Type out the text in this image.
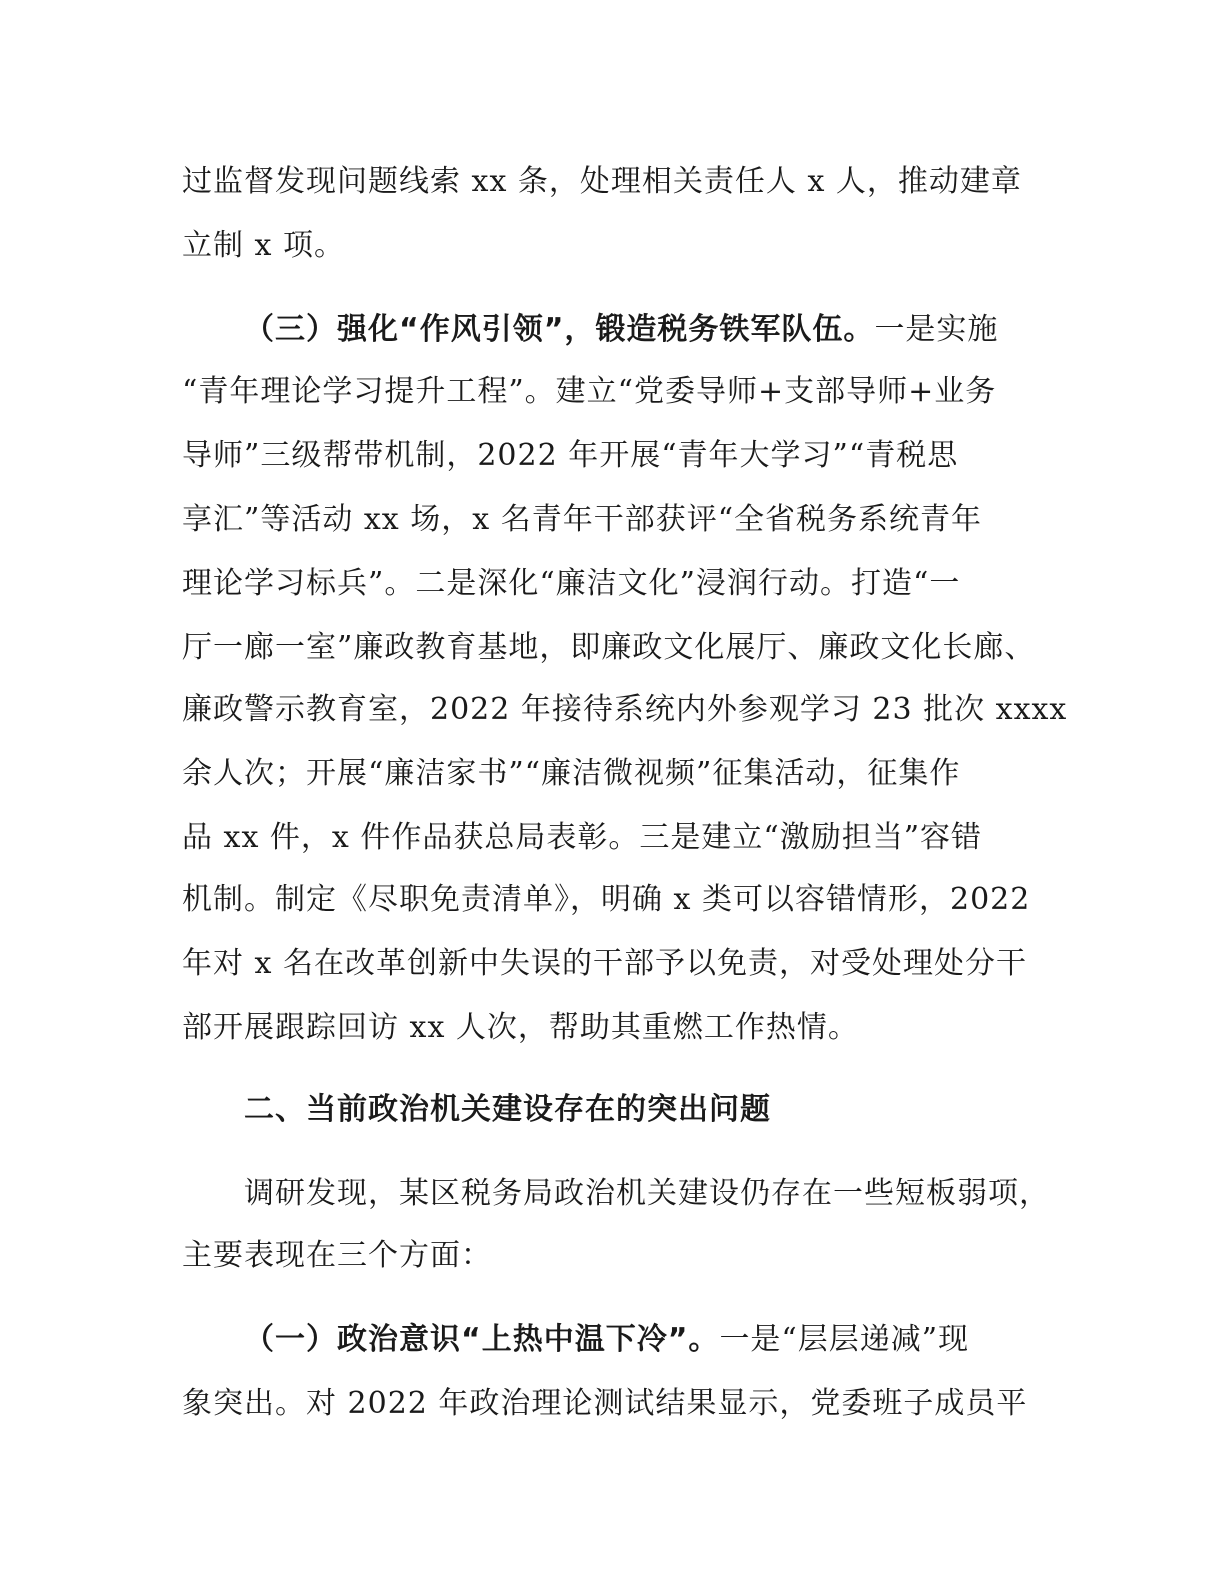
过监督发现问题线索 xx 条，处理相关责任人 x 人，推动建章
立制 x 项。
（三）强化“作风引领”，锻造税务铁军队伍。一是实施
“青年理论学习提升工程”。建立“党委导师+支部导师+业务
导师”三级帮带机制，2022 年开展“青年大学习”“青税思
享汇”等活动 xx 场，x 名青年干部获评“全省税务系统青年
理论学习标兵”。二是深化“廉洁文化”浸润行动。打造“一
厅一廊一室”廉政教育基地，即廉政文化展厅、廉政文化长廊、
廉政警示教育室，2022 年接待系统内外参观学习 23 批次 xxxx
余人次；开展“廉洁家书”“廉洁微视频”征集活动，征集作
品 xx 件，x 件作品获总局表彰。三是建立“激励担当”容错
机制。制定《尽职免责清单》，明确 x 类可以容错情形，2022
年对 x 名在改革创新中失误的干部予以免责，对受处理处分干
部开展跟踪回访 xx 人次，帮助其重燃工作热情。
二、当前政治机关建设存在的突出问题
调研发现，某区税务局政治机关建设仍存在一些短板弱项，
主要表现在三个方面：
（一）政治意识“上热中温下冷”。一是“层层递减”现
象突出。对 2022 年政治理论测试结果显示，党委班子成员平
